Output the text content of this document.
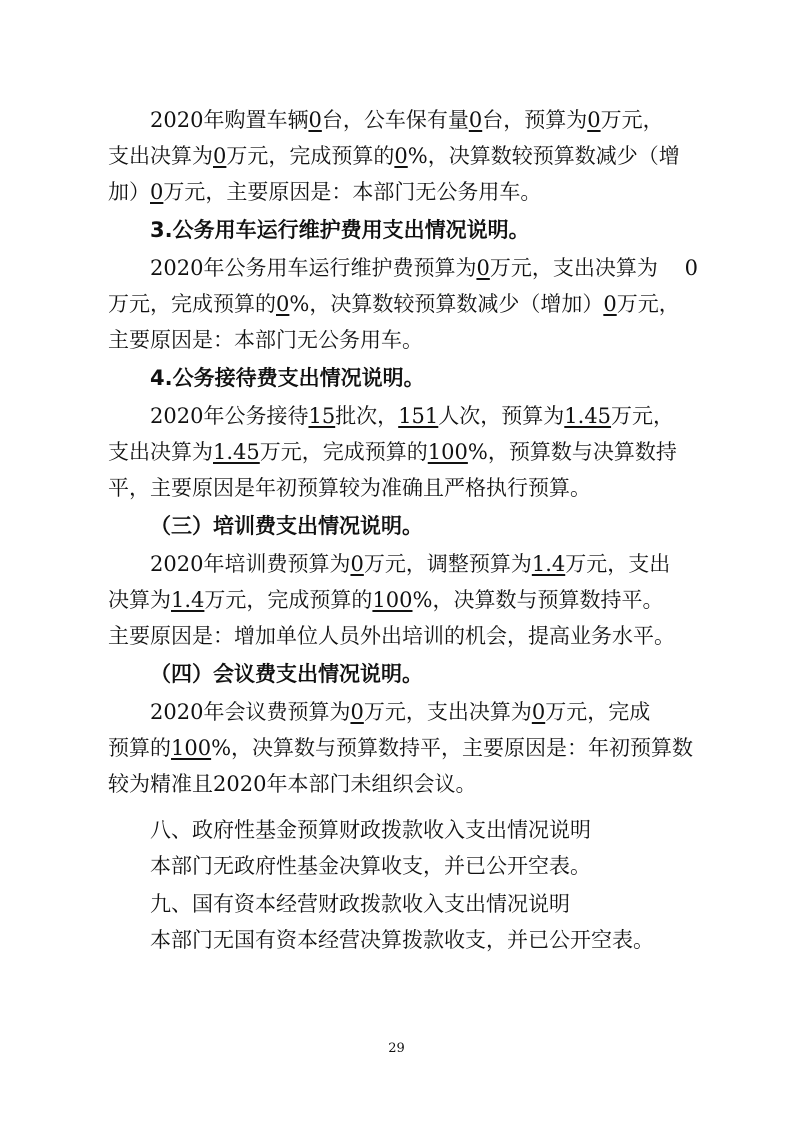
2020年购置车辆0台，公车保有量0台，预算为0万元，
支出决算为0万元，完成预算的0%，决算数较预算数减少（增
加）0万元，主要原因是：本部门无公务用车。
3.公务用车运行维护费用支出情况说明。
2020年公务用车运行维护费预算为0万元，支出决算为 0
万元，完成预算的0%，决算数较预算数减少（增加）0万元，
主要原因是：本部门无公务用车。
4.公务接待费支出情况说明。
2020年公务接待15批次，151人次，预算为1.45万元，
支出决算为1.45万元，完成预算的100%，预算数与决算数持
平，主要原因是年初预算较为准确且严格执行预算。
（三）培训费支出情况说明。
2020年培训费预算为0万元，调整预算为1.4万元，支出
决算为1.4万元，完成预算的100%，决算数与预算数持平。
主要原因是：增加单位人员外出培训的机会，提高业务水平。
（四）会议费支出情况说明。
2020年会议费预算为0万元，支出决算为0万元，完成
预算的100%，决算数与预算数持平，主要原因是：年初预算数
较为精准且2020年本部门未组织会议。
八、政府性基金预算财政拨款收入支出情况说明
本部门无政府性基金决算收支，并已公开空表。
九、国有资本经营财政拨款收入支出情况说明
本部门无国有资本经营决算拨款收支，并已公开空表。
29
